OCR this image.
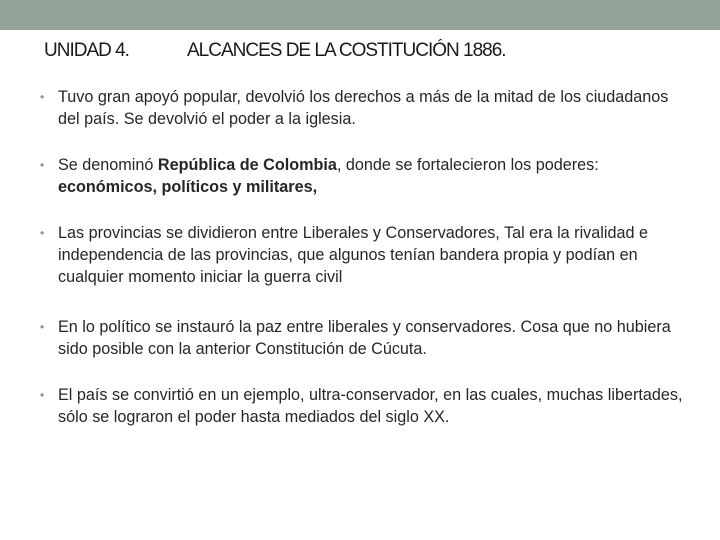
UNIDAD 4.	ALCANCES DE LA COSTITUCIÓN 1886.
• Tuvo gran apoyó popular, devolvió los derechos a más de la mitad de los ciudadanos del país. Se devolvió el poder a la iglesia.
• Se denominó República de Colombia, donde se fortalecieron los poderes: económicos, políticos y militares,
• Las provincias se dividieron entre Liberales y Conservadores, Tal era la rivalidad e independencia de las provincias, que algunos tenían bandera propia y podían en cualquier momento iniciar la guerra civil
• En lo político se instauró la paz entre liberales y conservadores. Cosa que no hubiera sido posible con la anterior Constitución de Cúcuta.
• El país se convirtió en un ejemplo, ultra-conservador, en las cuales, muchas libertades, sólo se lograron el poder hasta mediados del siglo XX.
